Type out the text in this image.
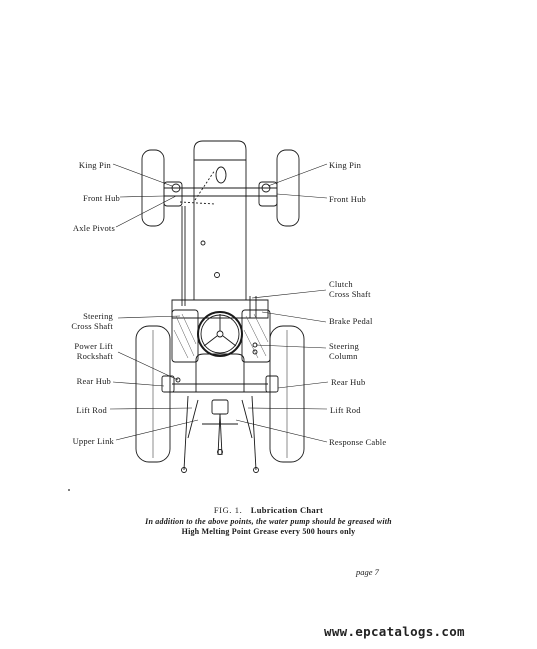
King Pin
Front Hub
Axle Pivots
Steering
Cross Shaft
Power Lift
Rockshaft
Rear Hub
Lift Rod
Upper Link
King Pin
Front Hub
Clutch
Cross Shaft
Brake Pedal
Steering
Column
Rear Hub
Lift Rod
Response Cable
FIG. 1. Lubrication Chart
In addition to the above points, the water pump should be greased with
High Melting Point Grease every 500 hours only
page 7
www.epcatalogs.com
